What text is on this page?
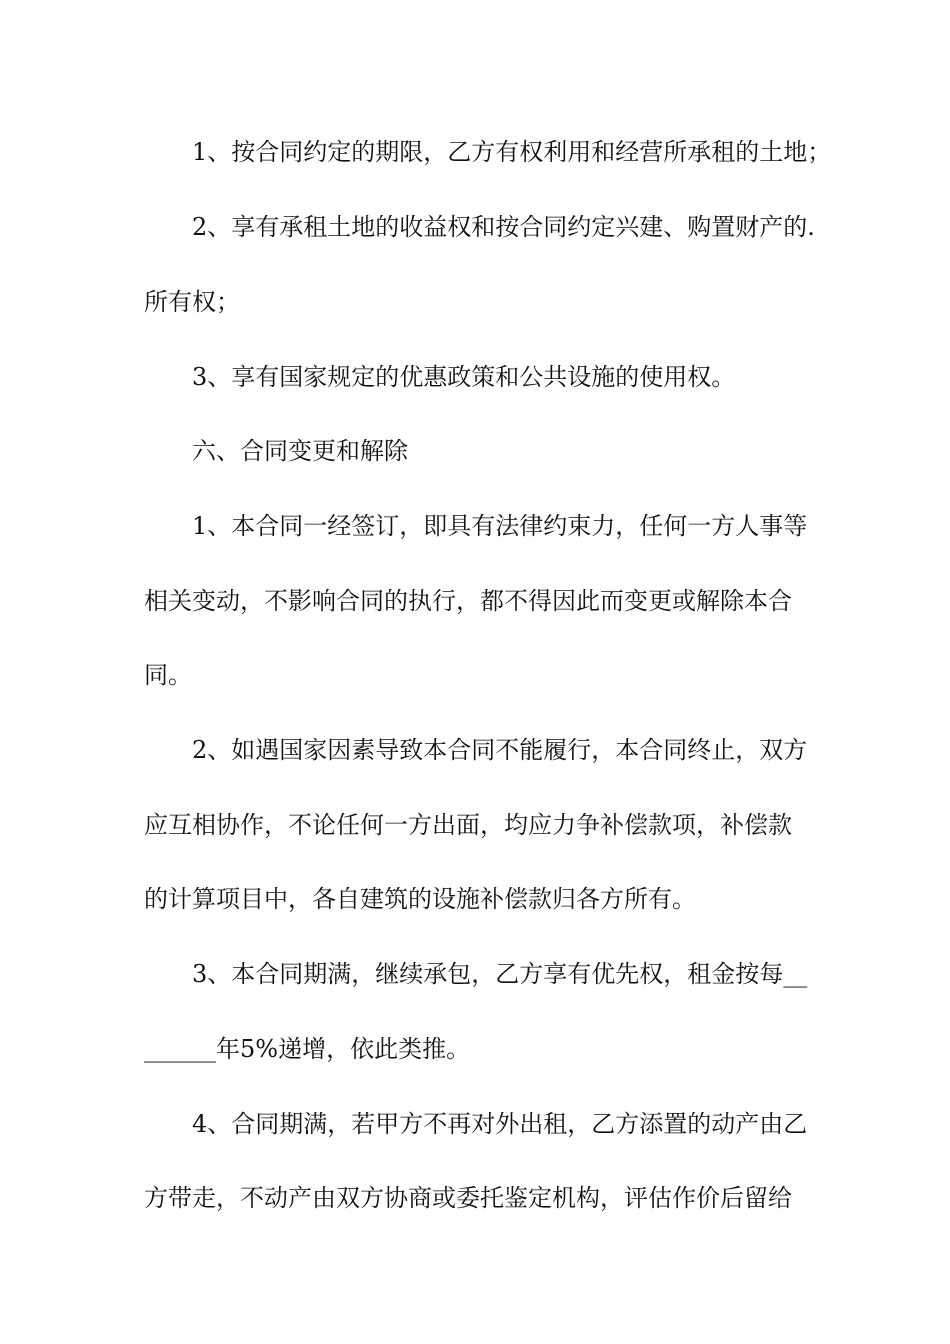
1、按合同约定的期限，乙方有权利用和经营所承租的土地；
2、享有承租土地的收益权和按合同约定兴建、购置财产的.
所有权；
3、享有国家规定的优惠政策和公共设施的使用权。
六、合同变更和解除
1、本合同一经签订，即具有法律约束力，任何一方人事等
相关变动，不影响合同的执行，都不得因此而变更或解除本合
同。
2、如遇国家因素导致本合同不能履行，本合同终止，双方
应互相协作，不论任何一方出面，均应力争补偿款项，补偿款
的计算项目中，各自建筑的设施补偿款归各方所有。
3、本合同期满，继续承包，乙方享有优先权，租金按每__
______年5%递增，依此类推。
4、合同期满，若甲方不再对外出租，乙方添置的动产由乙
方带走，不动产由双方协商或委托鉴定机构，评估作价后留给
